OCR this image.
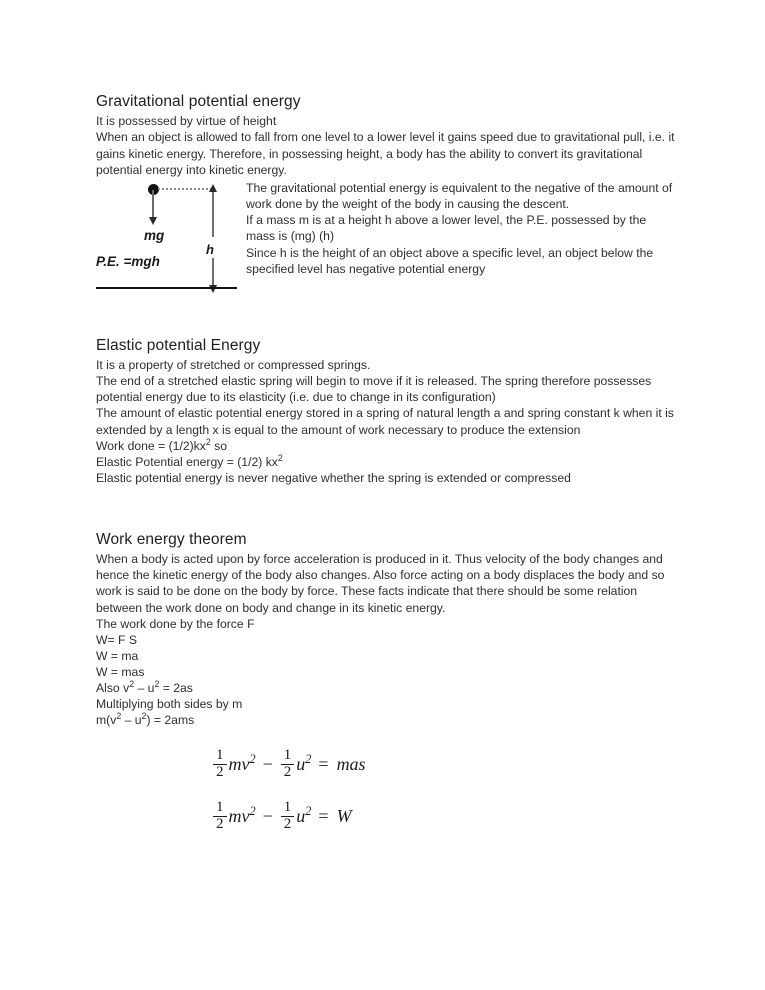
Gravitational potential energy

It is possessed by virtue of height

When an object is allowed to fall from one level to a lower level it gains speed due to gravitational pull, i.e. it gains kinetic energy. Therefore, in possessing height, a body has the ability to convert its gravitational potential energy into kinetic energy.

mg
h
P.E. =mgh

The gravitational potential energy is equivalent to the negative of the amount of work done by the weight of the body in causing the descent.

If a mass m is at a height h above a lower level, the P.E. possessed by the mass is (mg) (h)

Since h is the height of an object above a specific level, an object below the specified level has negative potential energy

Elastic potential Energy

It is a property of stretched or compressed springs.

The end of a stretched elastic spring will begin to move if it is released. The spring therefore possesses potential energy due to its elasticity (i.e. due to change in its configuration)

The amount of elastic potential energy stored in a spring of natural length a and spring constant k when it is extended by a length x is equal to the amount of work necessary to produce the extension

Work done = $(1/2)kx^2$ so

Elastic Potential energy = (1/2) $kx^2$

Elastic potential energy is never negative whether the spring is extended or compressed

Work energy theorem

When a body is acted upon by force acceleration is produced in it. Thus velocity of the body changes and hence the kinetic energy of the body also changes. Also force acting on a body displaces the body and so work is said to be done on the body by force. These facts indicate that there should be some relation between the work done on body and change in its kinetic energy.

The work done by the force F

W= F S

W = ma

W = mas

Also $v^2 - u^2 = 2as$

Multiplying both sides by m

$m(v^2 - u^2) = 2ams$

$\frac{1}{2} mv^2 - \frac{1}{2} u^2$ = mas
$\frac{1}{2} mv^2 - \frac{1}{2} u^2 = W$
